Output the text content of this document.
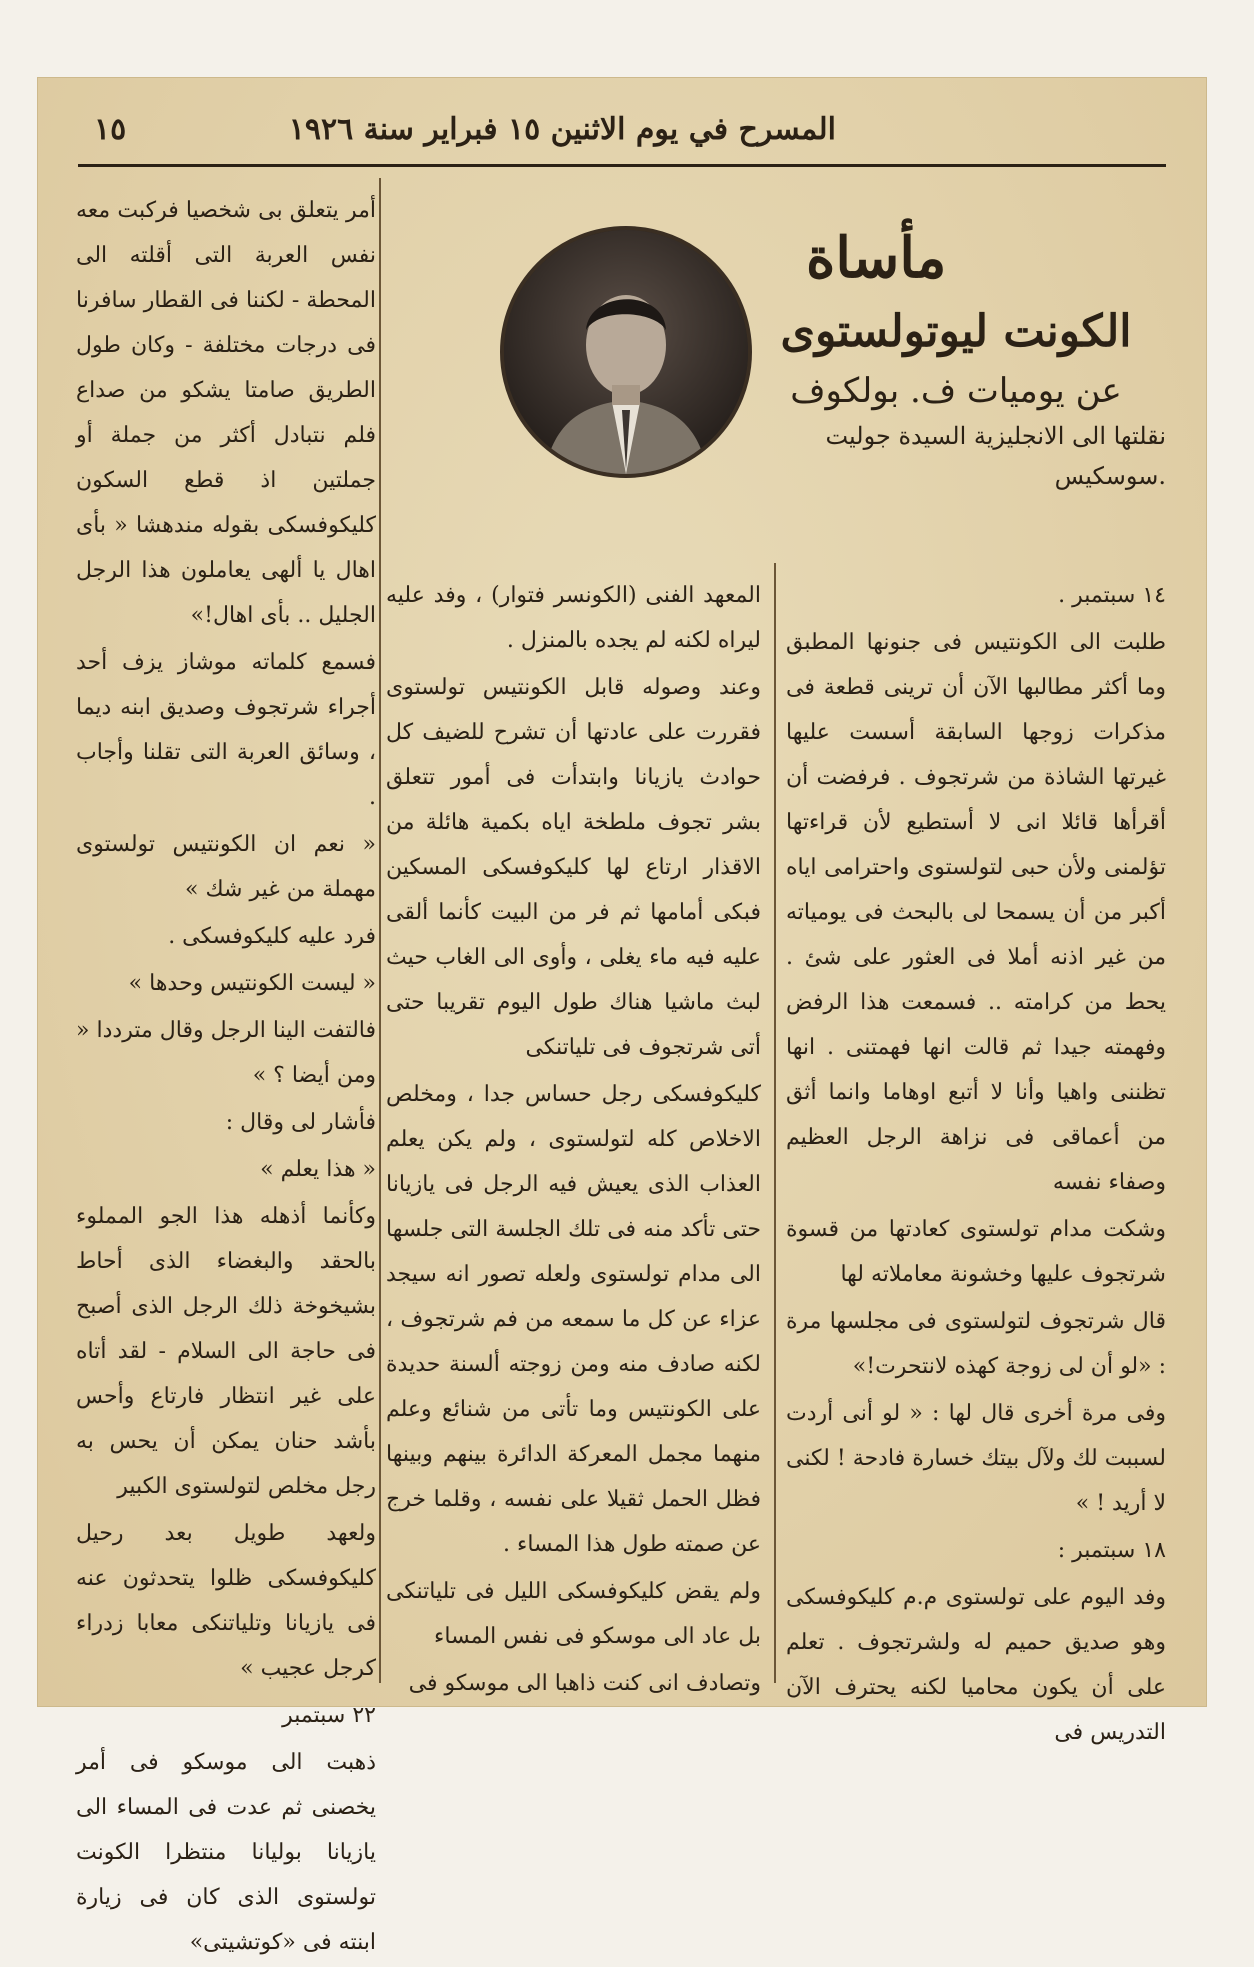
المسرح في يوم الاثنين ١٥ فبراير سنة ١٩٢٦
١٥

مأساة

الكونت ليوتولستوى

عن يوميات ف. بولكوف

نقلتها الى الانجليزية السيدة جوليت .سوسكيس

١٤ سبتمبر .

طلبت الى الكونتيس فى جنونها المطبق وما أكثر مطالبها الآن أن ترينى قطعة فى مذكرات زوجها السابقة أسست عليها غيرتها الشاذة من شرتجوف . فرفضت أن أقرأها قائلا انى لا أستطيع لأن قراءتها تؤلمنى ولأن حبى لتولستوى واحترامى اياه أكبر من أن يسمحا لى بالبحث فى يومياته من غير اذنه أملا فى العثور على شئ . يحط من كرامته .. فسمعت هذا الرفض وفهمته جيدا ثم قالت انها فهمتنى . انها تظننى واهيا وأنا لا أتبع اوهاما وانما أثق من أعماقى فى نزاهة الرجل العظيم وصفاء نفسه

وشكت مدام تولستوى كعادتها من قسوة شرتجوف عليها وخشونة معاملاته لها

قال شرتجوف لتولستوى فى مجلسها مرة : «لو أن لى زوجة كهذه لانتحرت!»

وفى مرة أخرى قال لها : « لو أنى أردت لسببت لك ولآل بيتك خسارة فادحة ! لكنى لا أريد ! »

١٨ سبتمبر :

وفد اليوم على تولستوى م.م كليكوفسكى وهو صديق حميم له ولشرتجوف . تعلم على أن يكون محاميا لكنه يحترف الآن التدريس فى

المعهد الفنى (الكونسر فتوار) ، وفد عليه ليراه لكنه لم يجده بالمنزل .

وعند وصوله قابل الكونتيس تولستوى فقررت على عادتها أن تشرح للضيف كل حوادث يازيانا وابتدأت فى أمور تتعلق بشر تجوف ملطخة اياه بكمية هائلة من الاقذار ارتاع لها كليكوفسكى المسكين فبكى أمامها ثم فر من البيت كأنما ألقى عليه فيه ماء يغلى ، وأوى الى الغاب حيث لبث ماشيا هناك طول اليوم تقريبا حتى أتى شرتجوف فى تلياتنكى

كليكوفسكى رجل حساس جدا ، ومخلص الاخلاص كله لتولستوى ، ولم يكن يعلم العذاب الذى يعيش فيه الرجل فى يازيانا حتى تأكد منه فى تلك الجلسة التى جلسها الى مدام تولستوى ولعله تصور انه سيجد عزاء عن كل ما سمعه من فم شرتجوف ، لكنه صادف منه ومن زوجته ألسنة حديدة على الكونتيس وما تأتى من شنائع وعلم منهما مجمل المعركة الدائرة بينهم وبينها فظل الحمل ثقيلا على نفسه ، وقلما خرج عن صمته طول هذا المساء .

ولم يقض كليكوفسكى الليل فى تلياتنكى بل عاد الى موسكو فى نفس المساء

وتصادف انى كنت ذاهبا الى موسكو فى

أمر يتعلق بى شخصيا فركبت معه نفس العربة التى أقلته الى المحطة - لكننا فى القطار سافرنا فى درجات مختلفة - وكان طول الطريق صامتا يشكو من صداع فلم نتبادل أكثر من جملة أو جملتين اذ قطع السكون كليكوفسكى بقوله مندهشا « بأى اهال يا ألهى يعاملون هذا الرجل الجليل .. بأى اهال!»

فسمع كلماته موشاز يزف أحد أجراء شرتجوف وصديق ابنه ديما ، وسائق العربة التى تقلنا وأجاب .

« نعم ان الكونتيس تولستوى مهملة من غير شك »

فرد عليه كليكوفسكى .

« ليست الكونتيس وحدها »

فالتفت الينا الرجل وقال مترددا « ومن أيضا ؟ »

فأشار لى وقال :

« هذا يعلم »

وكأنما أذهله هذا الجو المملوء بالحقد والبغضاء الذى أحاط بشيخوخة ذلك الرجل الذى أصبح فى حاجة الى السلام - لقد أتاه على غير انتظار فارتاع وأحس بأشد حنان يمكن أن يحس به رجل مخلص لتولستوى الكبير

ولعهد طويل بعد رحيل كليكوفسكى ظلوا يتحدثون عنه فى يازيانا وتلياتنكى معابا زدراء كرجل عجيب »

٢٢ سبتمبر

ذهبت الى موسكو فى أمر يخصنى ثم عدت فى المساء الى يازيانا بوليانا منتظرا الكونت تولستوى الذى كان فى زيارة ابنته فى «كوتشيتى»
